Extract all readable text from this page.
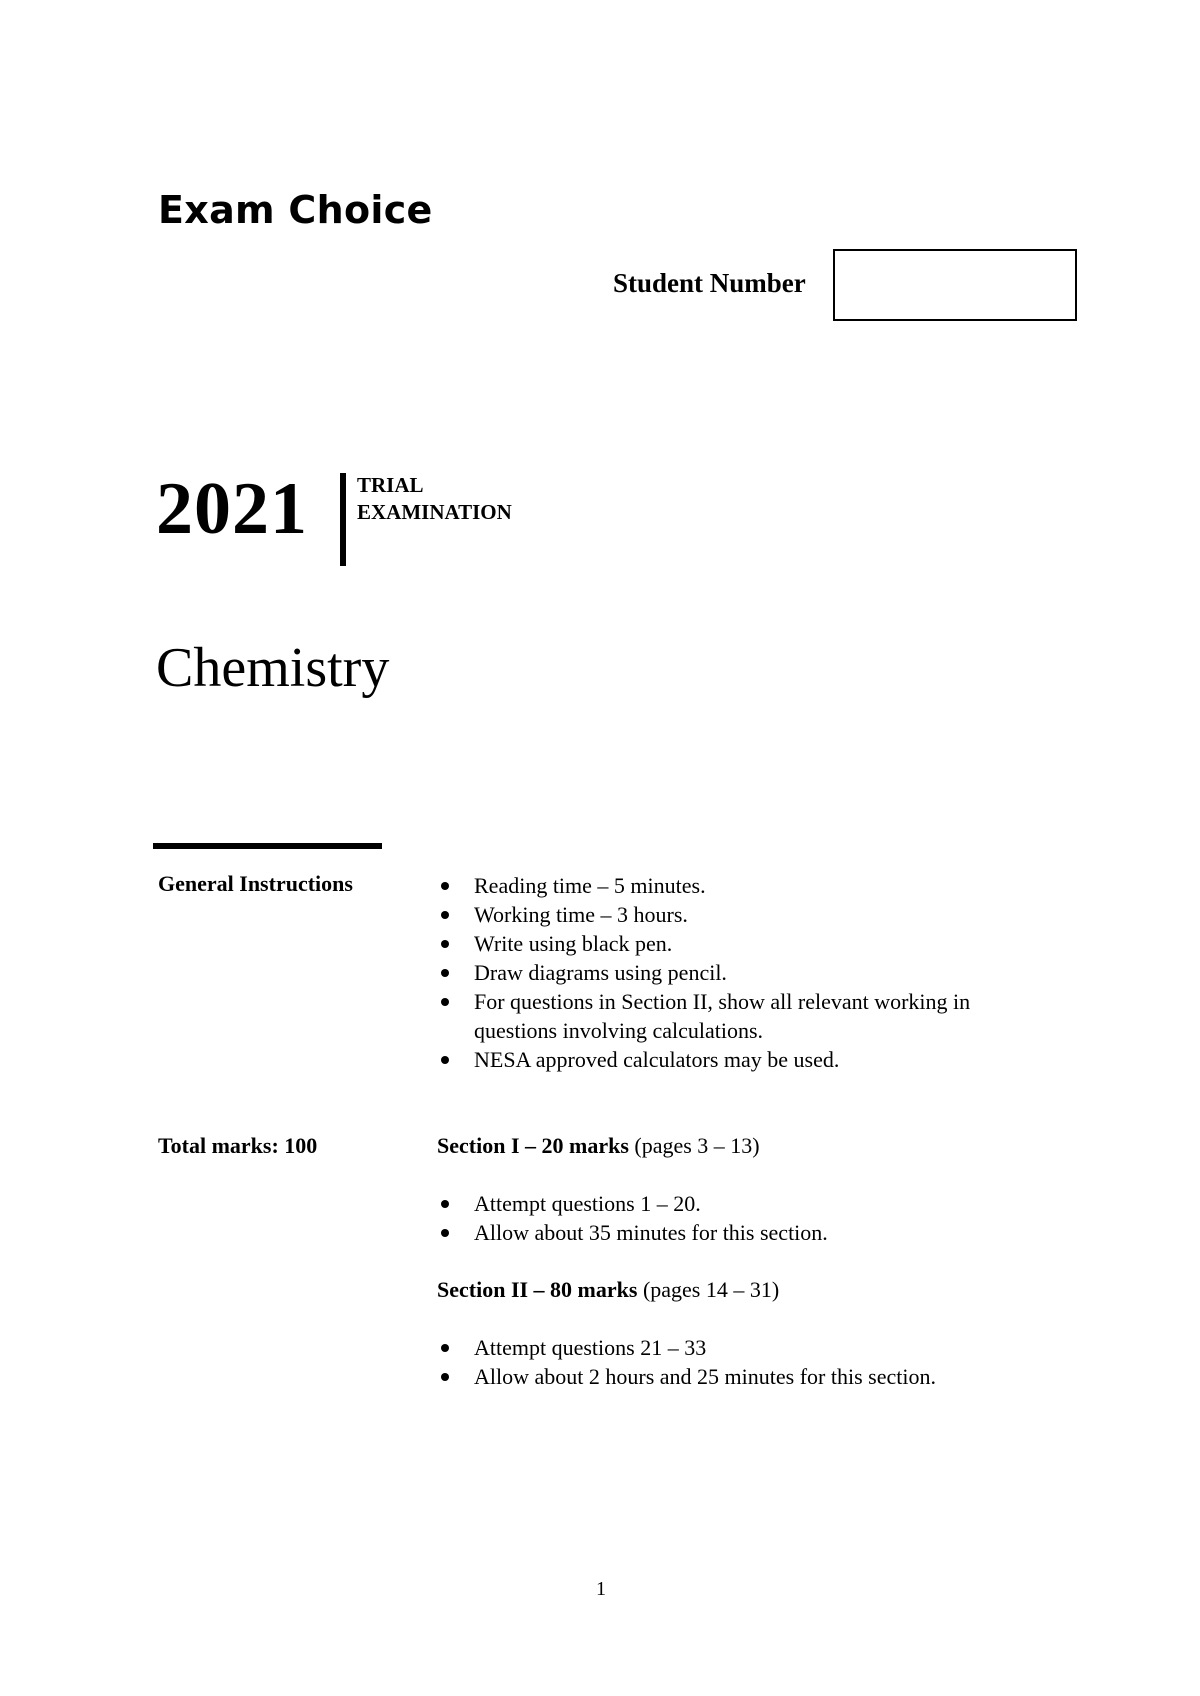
Exam Choice
Student Number
2021 TRIAL
EXAMINATION
Chemistry
General Instructions	Reading time – 5 minutes.
Working time – 3 hours.
Write using black pen.
Draw diagrams using pencil.
For questions in Section II, show all relevant working in questions involving calculations.
NESA approved calculators may be used.
Total marks: 100	Section I – 20 marks (pages 3 – 13)
Attempt questions 1 – 20.
Allow about 35 minutes for this section.
Section II – 80 marks (pages 14 – 31)
Attempt questions 21 – 33
Allow about 2 hours and 25 minutes for this section.
1
